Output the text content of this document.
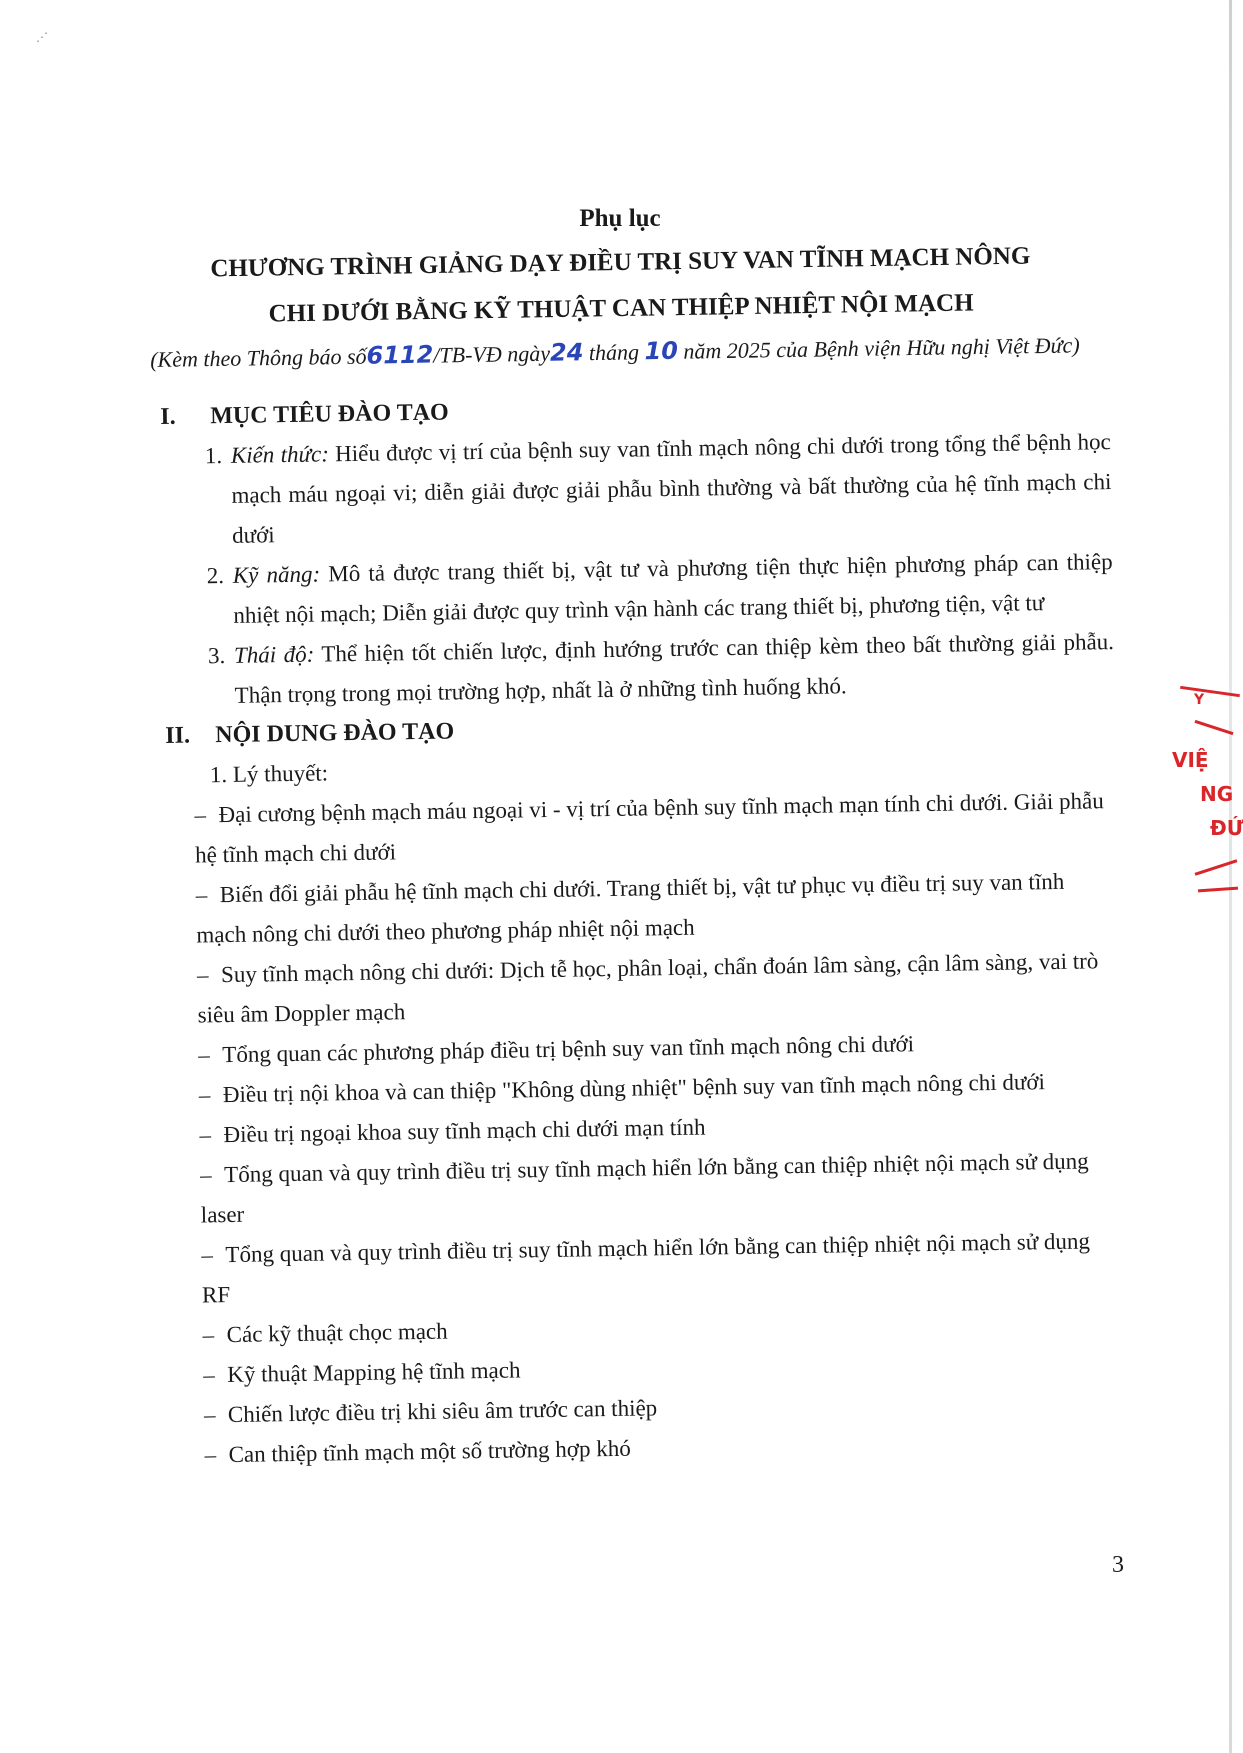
⋰
Phụ lục
CHƯƠNG TRÌNH GIẢNG DẠY ĐIỀU TRỊ SUY VAN TĨNH MẠCH NÔNG
CHI DƯỚI BẰNG KỸ THUẬT CAN THIỆP NHIỆT NỘI MẠCH
(Kèm theo Thông báo số6112/TB-VĐ ngày24 tháng 10 năm 2025 của Bệnh viện Hữu nghị Việt Đức)
I.	MỤC TIÊU ĐÀO TẠO
1. Kiến thức: Hiểu được vị trí của bệnh suy van tĩnh mạch nông chi dưới trong tổng thể bệnh học mạch máu ngoại vi; diễn giải được giải phẫu bình thường và bất thường của hệ tĩnh mạch chi dưới
2. Kỹ năng: Mô tả được trang thiết bị, vật tư và phương tiện thực hiện phương pháp can thiệp nhiệt nội mạch; Diễn giải được quy trình vận hành các trang thiết bị, phương tiện, vật tư
3. Thái độ: Thể hiện tốt chiến lược, định hướng trước can thiệp kèm theo bất thường giải phẫu. Thận trọng trong mọi trường hợp, nhất là ở những tình huống khó.
II.	NỘI DUNG ĐÀO TẠO
1. Lý thuyết:
– Đại cương bệnh mạch máu ngoại vi - vị trí của bệnh suy tĩnh mạch mạn tính chi dưới. Giải phẫu hệ tĩnh mạch chi dưới
– Biến đổi giải phẫu hệ tĩnh mạch chi dưới. Trang thiết bị, vật tư phục vụ điều trị suy van tĩnh mạch nông chi dưới theo phương pháp nhiệt nội mạch
– Suy tĩnh mạch nông chi dưới: Dịch tễ học, phân loại, chẩn đoán lâm sàng, cận lâm sàng, vai trò siêu âm Doppler mạch
– Tổng quan các phương pháp điều trị bệnh suy van tĩnh mạch nông chi dưới
– Điều trị nội khoa và can thiệp "Không dùng nhiệt" bệnh suy van tĩnh mạch nông chi dưới
– Điều trị ngoại khoa suy tĩnh mạch chi dưới mạn tính
– Tổng quan và quy trình điều trị suy tĩnh mạch hiển lớn bằng can thiệp nhiệt nội mạch sử dụng laser
– Tổng quan và quy trình điều trị suy tĩnh mạch hiển lớn bằng can thiệp nhiệt nội mạch sử dụng RF
– Các kỹ thuật chọc mạch
– Kỹ thuật Mapping hệ tĩnh mạch
– Chiến lược điều trị khi siêu âm trước can thiệp
– Can thiệp tĩnh mạch một số trường hợp khó
Y
VIỆ
NG
ĐỨ
3
